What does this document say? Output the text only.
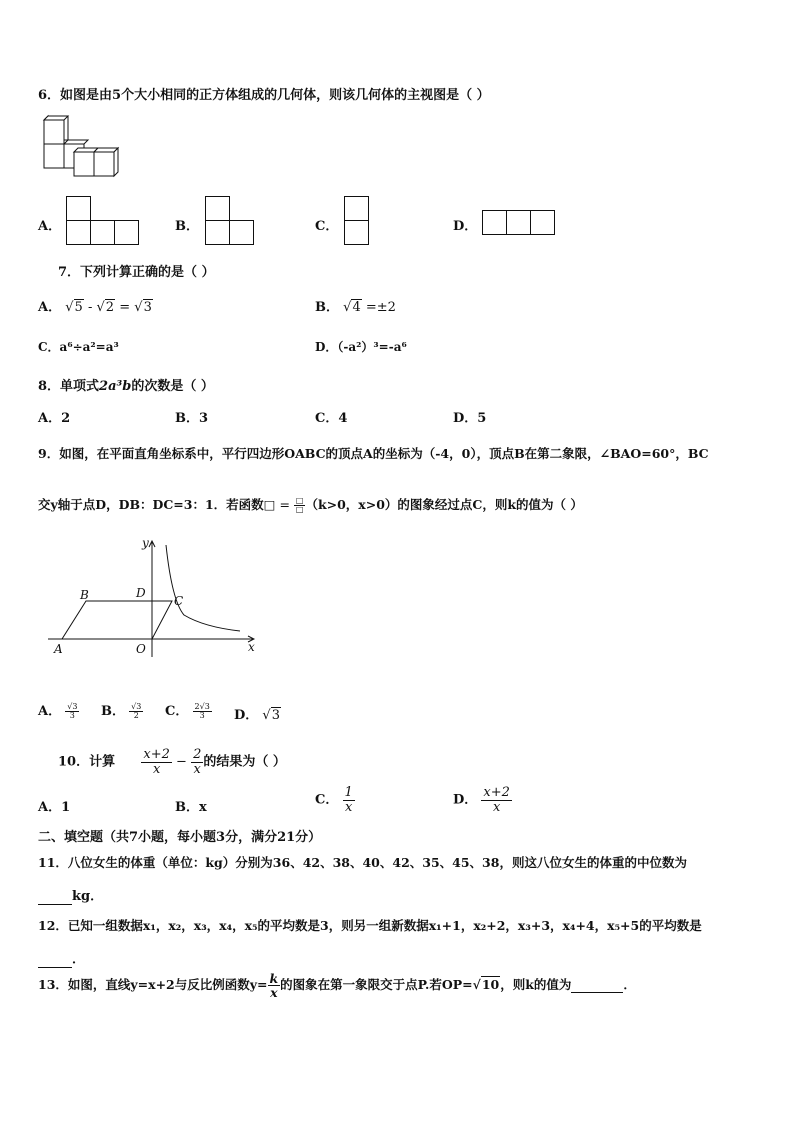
6．如图是由5个大小相同的正方体组成的几何体，则该几何体的主视图是（ ）
A．	B．	C．	D．
7．下列计算正确的是（ ）
A． √5 - √2 = √3	B． √4 =±2
C．a⁶÷a²=a³	D．（-a²）³=-a⁶
8．单项式2a³b的次数是（ ）
A．2	B．3	C．4	D．5
9．如图，在平面直角坐标系中，平行四边形OABC的顶点A的坐标为（-4，0），顶点B在第二象限，∠BAO=60°，BC
交y轴于点D，DB：DC=3：1．若函数□ = $\frac{□}{□} (k>0$，x>0）的图象经过点C，则k的值为（ ）
y
x
B	D
C
A	O
A． $\frac{√3}{3}$ B． $\frac{√3}{2}$ C． $\frac{2√3}{3}$ D． √3
10．计算 $\frac{x+2}{x} - \frac{2}{x}$ 的结果为（ ）
A．1	B．x	C． $\frac{1}{x}$	D． $\frac{x+2}{x}$
二、填空题（共7小题，每小题3分，满分21分）
11．八位女生的体重（单位：kg）分别为36、42、38、40、42、35、45、38，则这八位女生的体重的中位数为
kg．
12．已知一组数据x₁，x₂，x₃，x₄，x₅的平均数是3，则另一组新数据x₁+1，x₂+2，x₃+3，x₄+4，x₅+5的平均数是
．
13．如图，直线y=x+2与反比例函数$y= \frac{k}{x}$ 的图象在第一象限交于点P.若OP=√10，则k的值为	．
